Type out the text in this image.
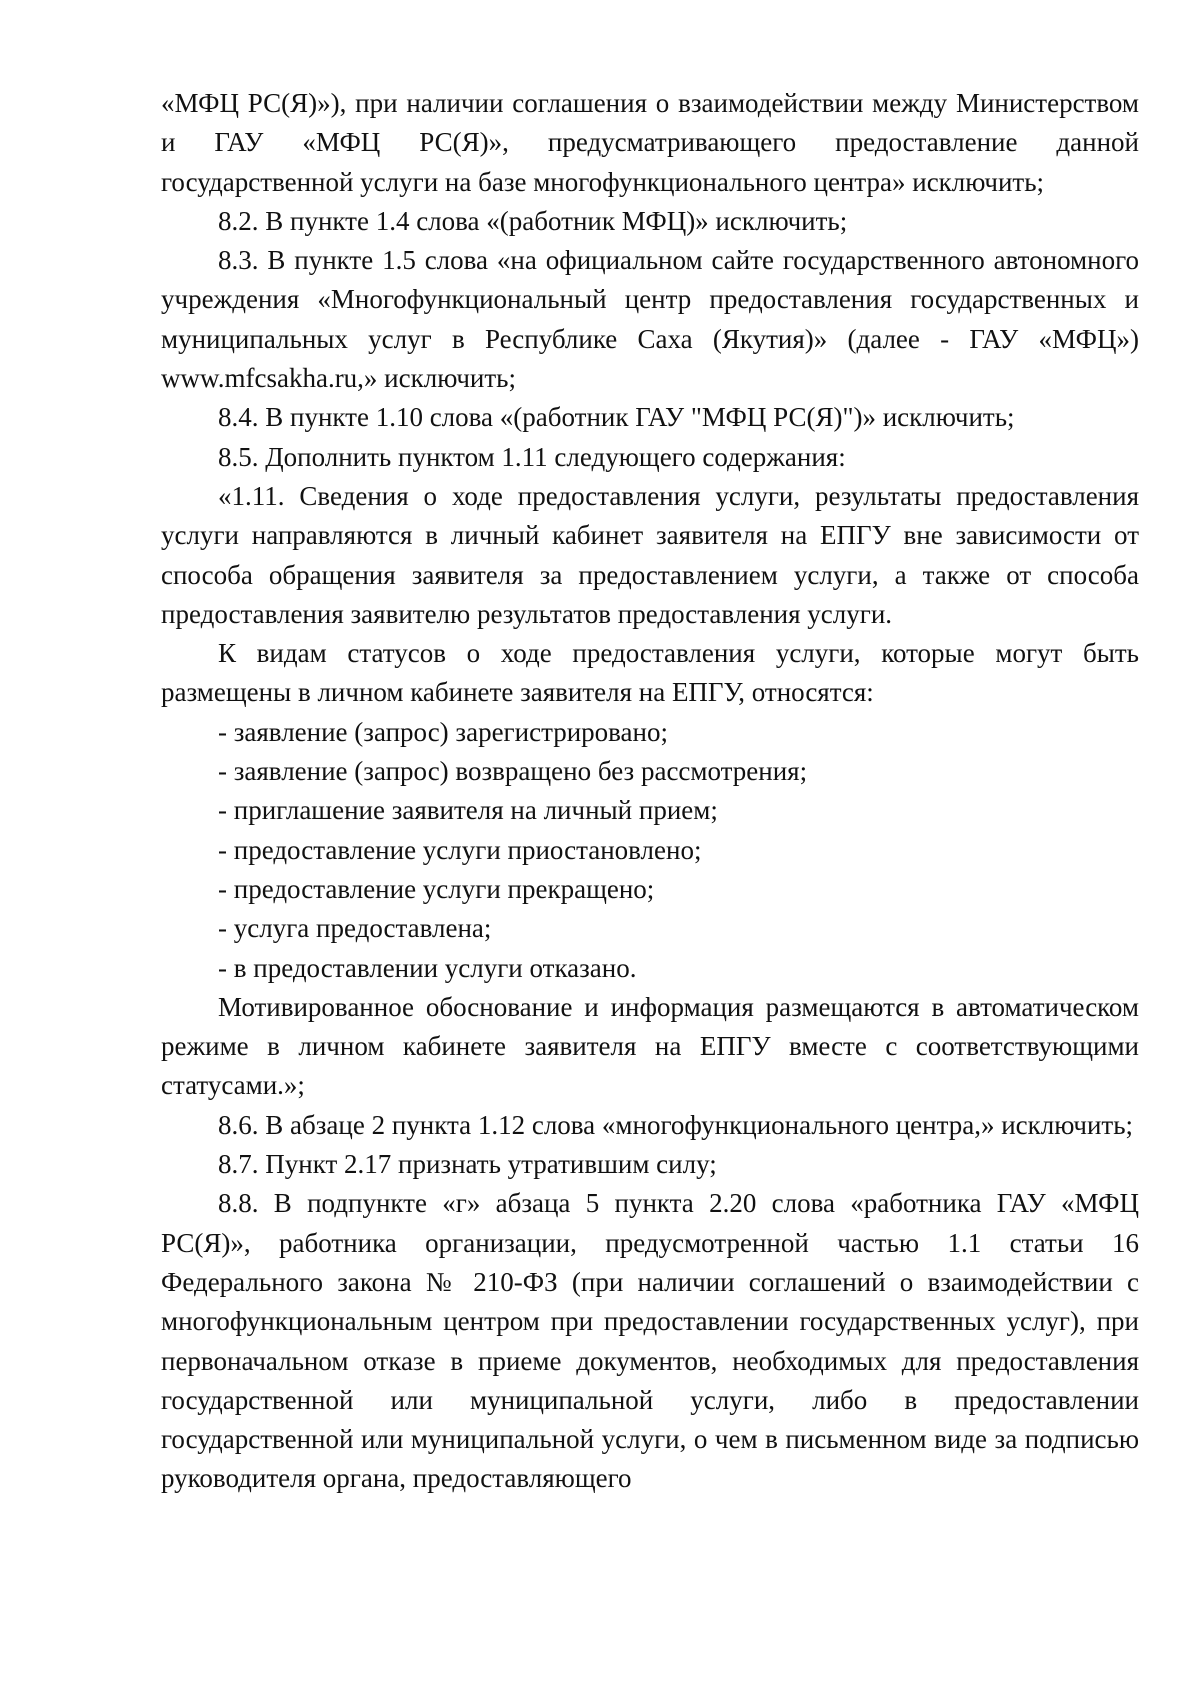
«МФЦ РС(Я)»), при наличии соглашения о взаимодействии между Министерством и ГАУ «МФЦ РС(Я)», предусматривающего предоставление данной государственной услуги на базе многофункционального центра» исключить;

8.2. В пункте 1.4 слова «(работник МФЦ)» исключить;

8.3. В пункте 1.5 слова «на официальном сайте государственного автономного учреждения «Многофункциональный центр предоставления государственных и муниципальных услуг в Республике Саха (Якутия)» (далее - ГАУ «МФЦ») www.mfcsakha.ru,» исключить;

8.4. В пункте 1.10 слова «(работник ГАУ "МФЦ РС(Я)")» исключить;

8.5. Дополнить пунктом 1.11 следующего содержания:

«1.11. Сведения о ходе предоставления услуги, результаты предоставления услуги направляются в личный кабинет заявителя на ЕПГУ вне зависимости от способа обращения заявителя за предоставлением услуги, а также от способа предоставления заявителю результатов предоставления услуги.

К видам статусов о ходе предоставления услуги, которые могут быть размещены в личном кабинете заявителя на ЕПГУ, относятся:

- заявление (запрос) зарегистрировано;

- заявление (запрос) возвращено без рассмотрения;

- приглашение заявителя на личный прием;

- предоставление услуги приостановлено;

- предоставление услуги прекращено;

- услуга предоставлена;

- в предоставлении услуги отказано.

Мотивированное обоснование и информация размещаются в автоматическом режиме в личном кабинете заявителя на ЕПГУ вместе с соответствующими статусами.»;

8.6. В абзаце 2 пункта 1.12 слова «многофункционального центра,» исключить;

8.7. Пункт 2.17 признать утратившим силу;

8.8. В подпункте «г» абзаца 5 пункта 2.20 слова «работника ГАУ «МФЦ РС(Я)», работника организации, предусмотренной частью 1.1 статьи 16 Федерального закона № 210-ФЗ (при наличии соглашений о взаимодействии с многофункциональным центром при предоставлении государственных услуг), при первоначальном отказе в приеме документов, необходимых для предоставления государственной или муниципальной услуги, либо в предоставлении государственной или муниципальной услуги, о чем в письменном виде за подписью руководителя органа, предоставляющего
